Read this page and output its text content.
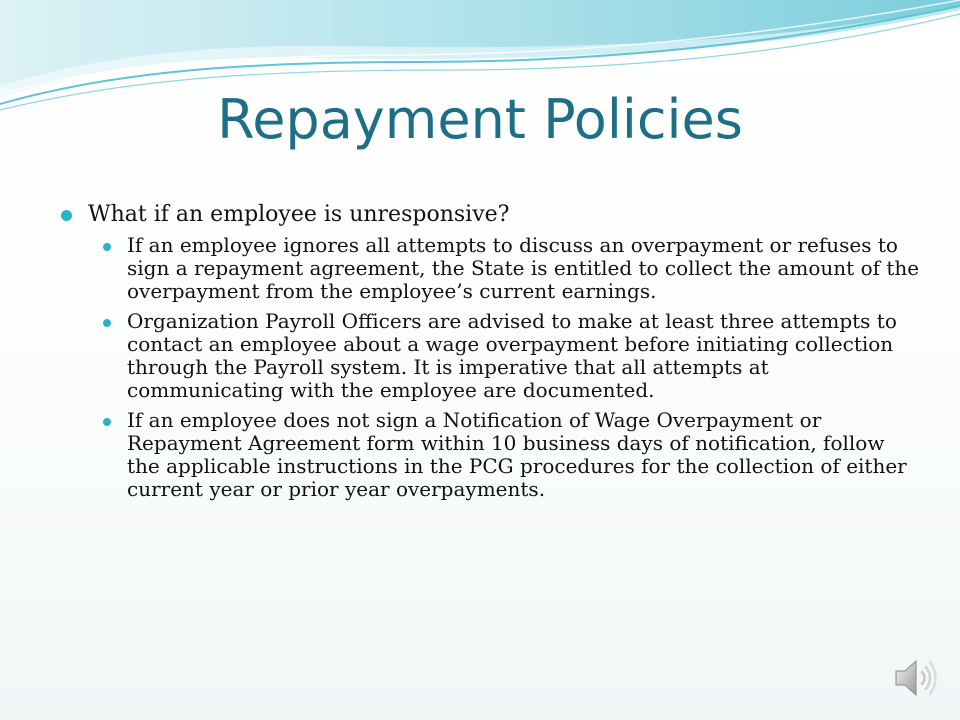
Repayment Policies
What if an employee is unresponsive?
If an employee ignores all attempts to discuss an overpayment or refuses to sign a repayment agreement, the State is entitled to collect the amount of the overpayment from the employee’s current earnings.
Organization Payroll Officers are advised to make at least three attempts to contact an employee about a wage overpayment before initiating collection through the Payroll system. It is imperative that all attempts at communicating with the employee are documented.
If an employee does not sign a Notification of Wage Overpayment or Repayment Agreement form within 10 business days of notification, follow the applicable instructions in the PCG procedures for the collection of either current year or prior year overpayments.
